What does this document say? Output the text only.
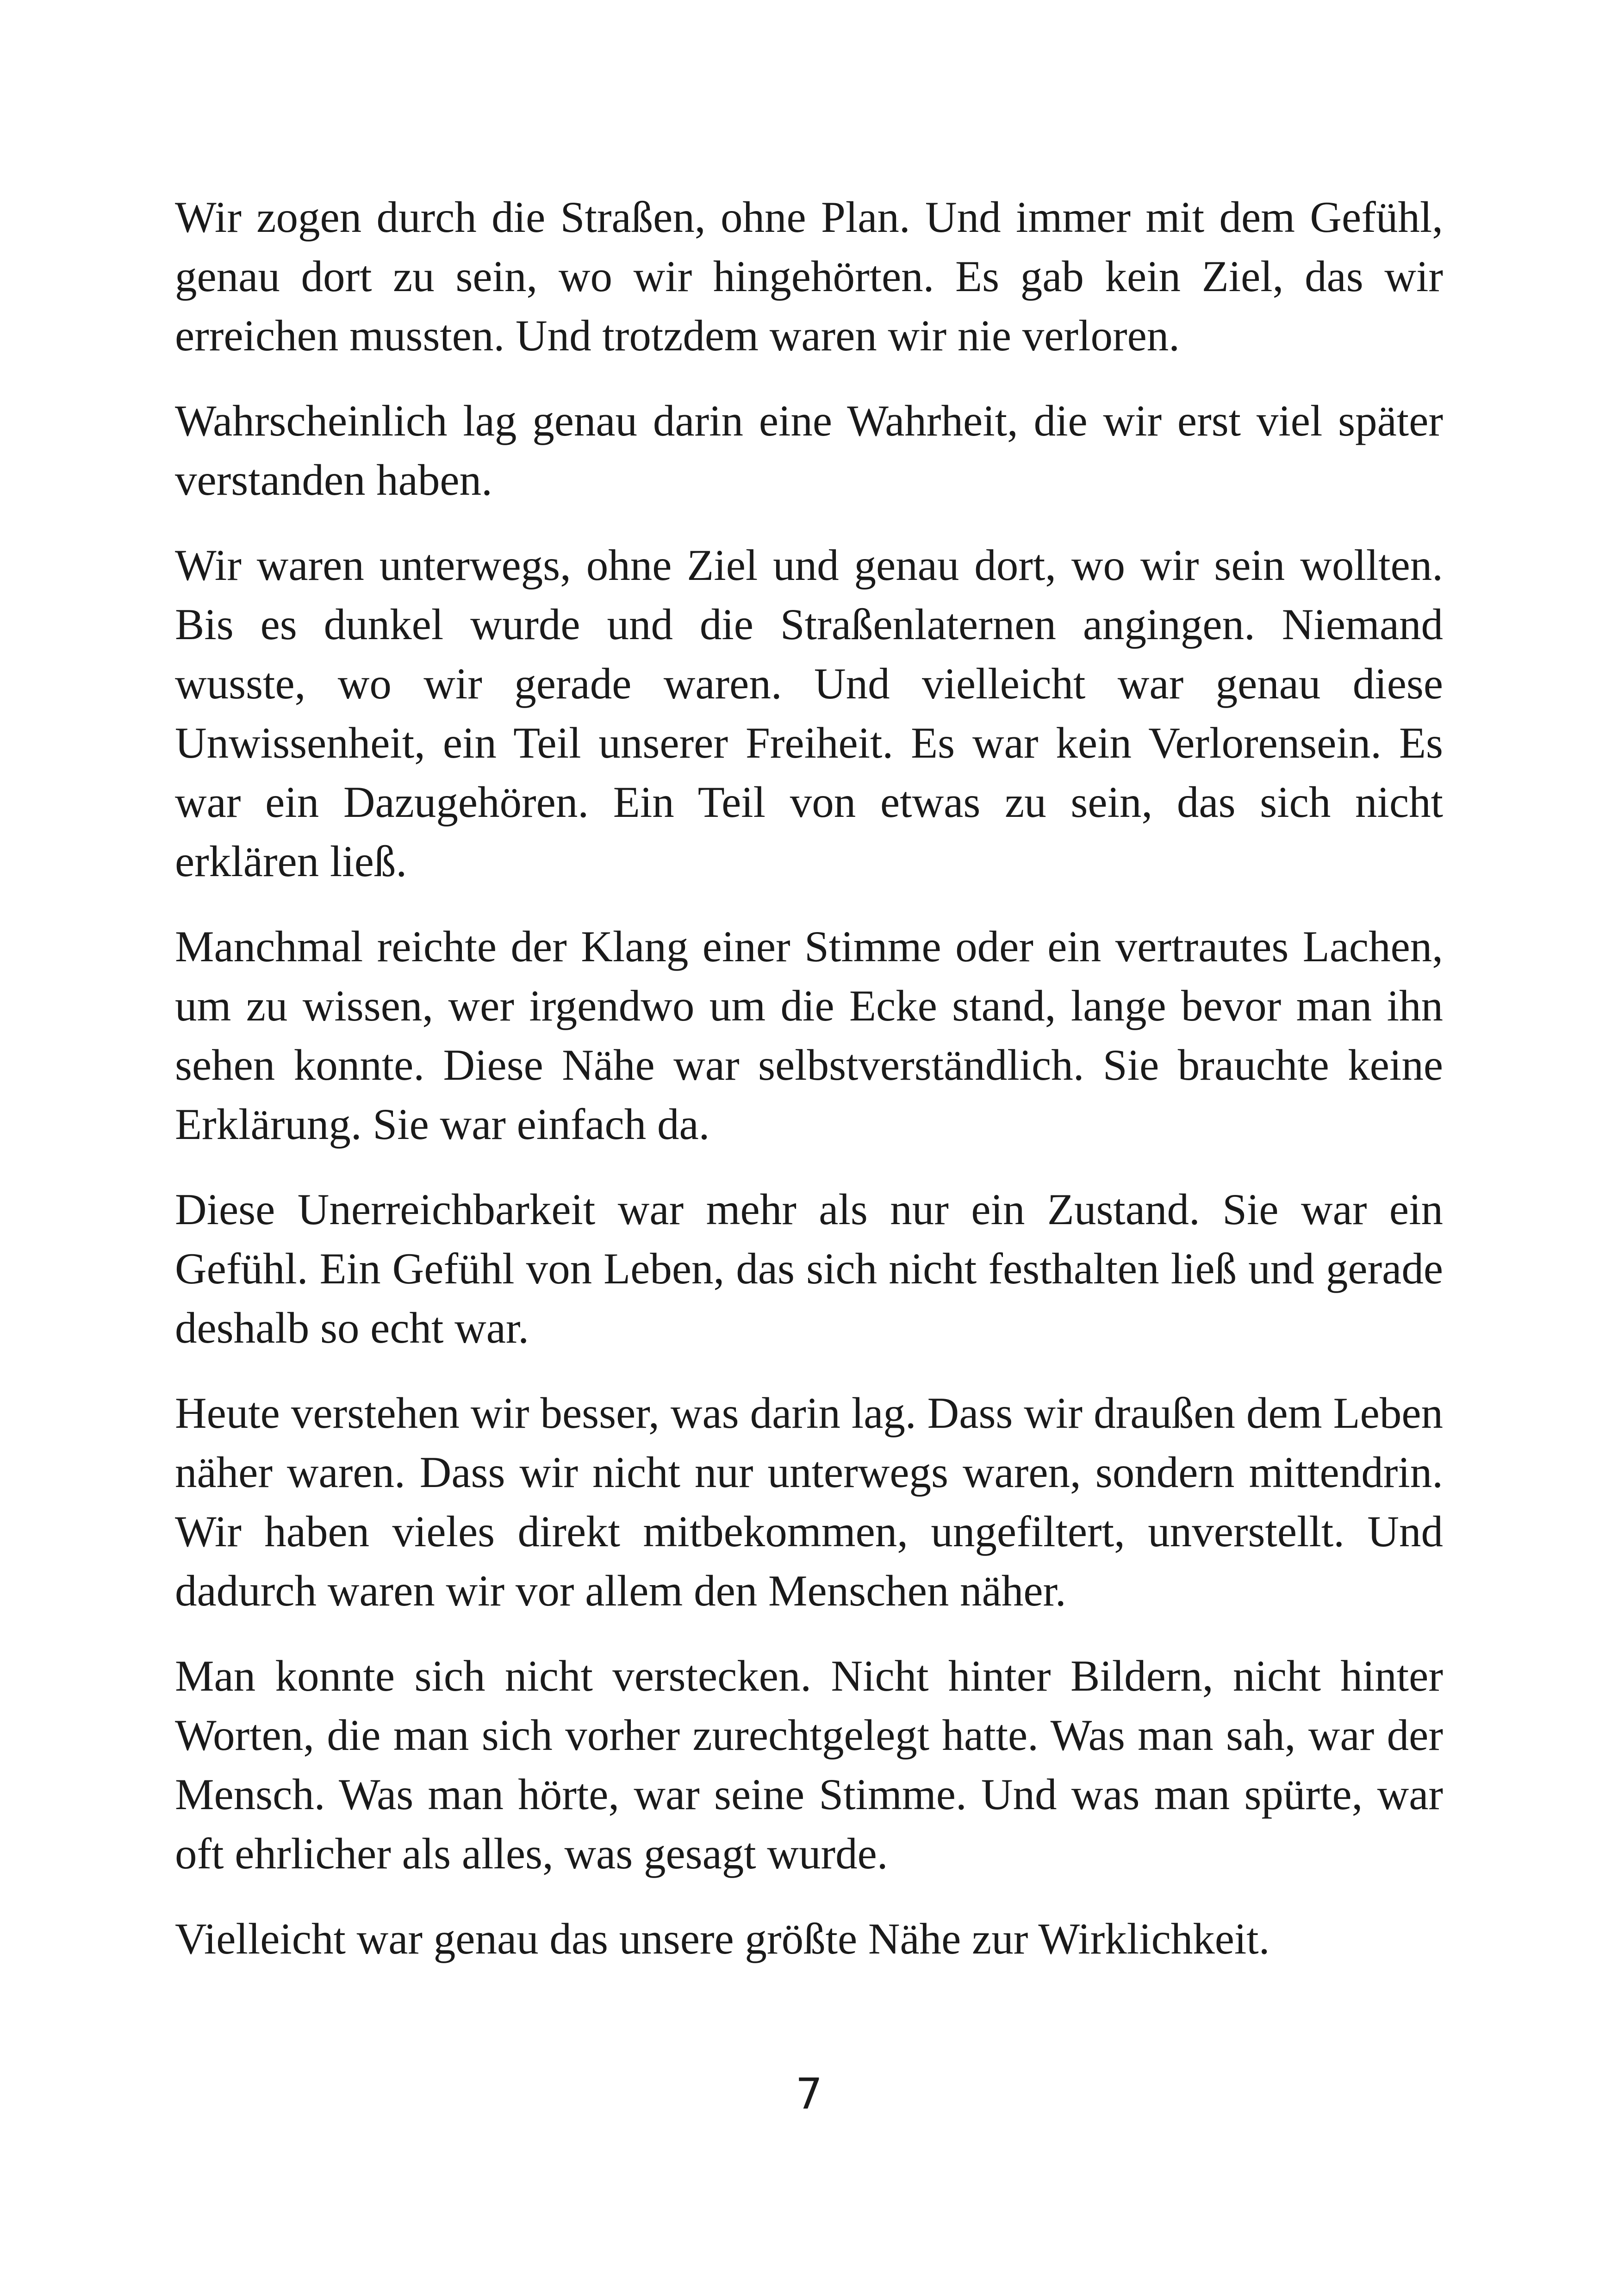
Wir zogen durch die Straßen, ohne Plan. Und immer mit dem Gefühl, genau dort zu sein, wo wir hingehörten. Es gab kein Ziel, das wir erreichen mussten. Und trotzdem waren wir nie verloren.

Wahrscheinlich lag genau darin eine Wahrheit, die wir erst viel später verstanden haben.

Wir waren unterwegs, ohne Ziel und genau dort, wo wir sein wollten. Bis es dunkel wurde und die Straßenlaternen angingen. Niemand wusste, wo wir gerade waren. Und vielleicht war genau diese Unwissenheit, ein Teil unserer Freiheit. Es war kein Verlorensein. Es war ein Dazugehören. Ein Teil von etwas zu sein, das sich nicht erklären ließ.

Manchmal reichte der Klang einer Stimme oder ein vertrautes Lachen, um zu wissen, wer irgendwo um die Ecke stand, lange bevor man ihn sehen konnte. Diese Nähe war selbstverständlich. Sie brauchte keine Erklärung. Sie war einfach da.

Diese Unerreichbarkeit war mehr als nur ein Zustand. Sie war ein Gefühl. Ein Gefühl von Leben, das sich nicht festhalten ließ und gerade deshalb so echt war.

Heute verstehen wir besser, was darin lag. Dass wir draußen dem Leben näher waren. Dass wir nicht nur unterwegs waren, sondern mittendrin. Wir haben vieles direkt mitbekommen, ungefiltert, unverstellt. Und dadurch waren wir vor allem den Menschen näher.

Man konnte sich nicht verstecken. Nicht hinter Bildern, nicht hinter Worten, die man sich vorher zurechtgelegt hatte. Was man sah, war der Mensch. Was man hörte, war seine Stimme. Und was man spürte, war oft ehrlicher als alles, was gesagt wurde.

Vielleicht war genau das unsere größte Nähe zur Wirklichkeit.

7
